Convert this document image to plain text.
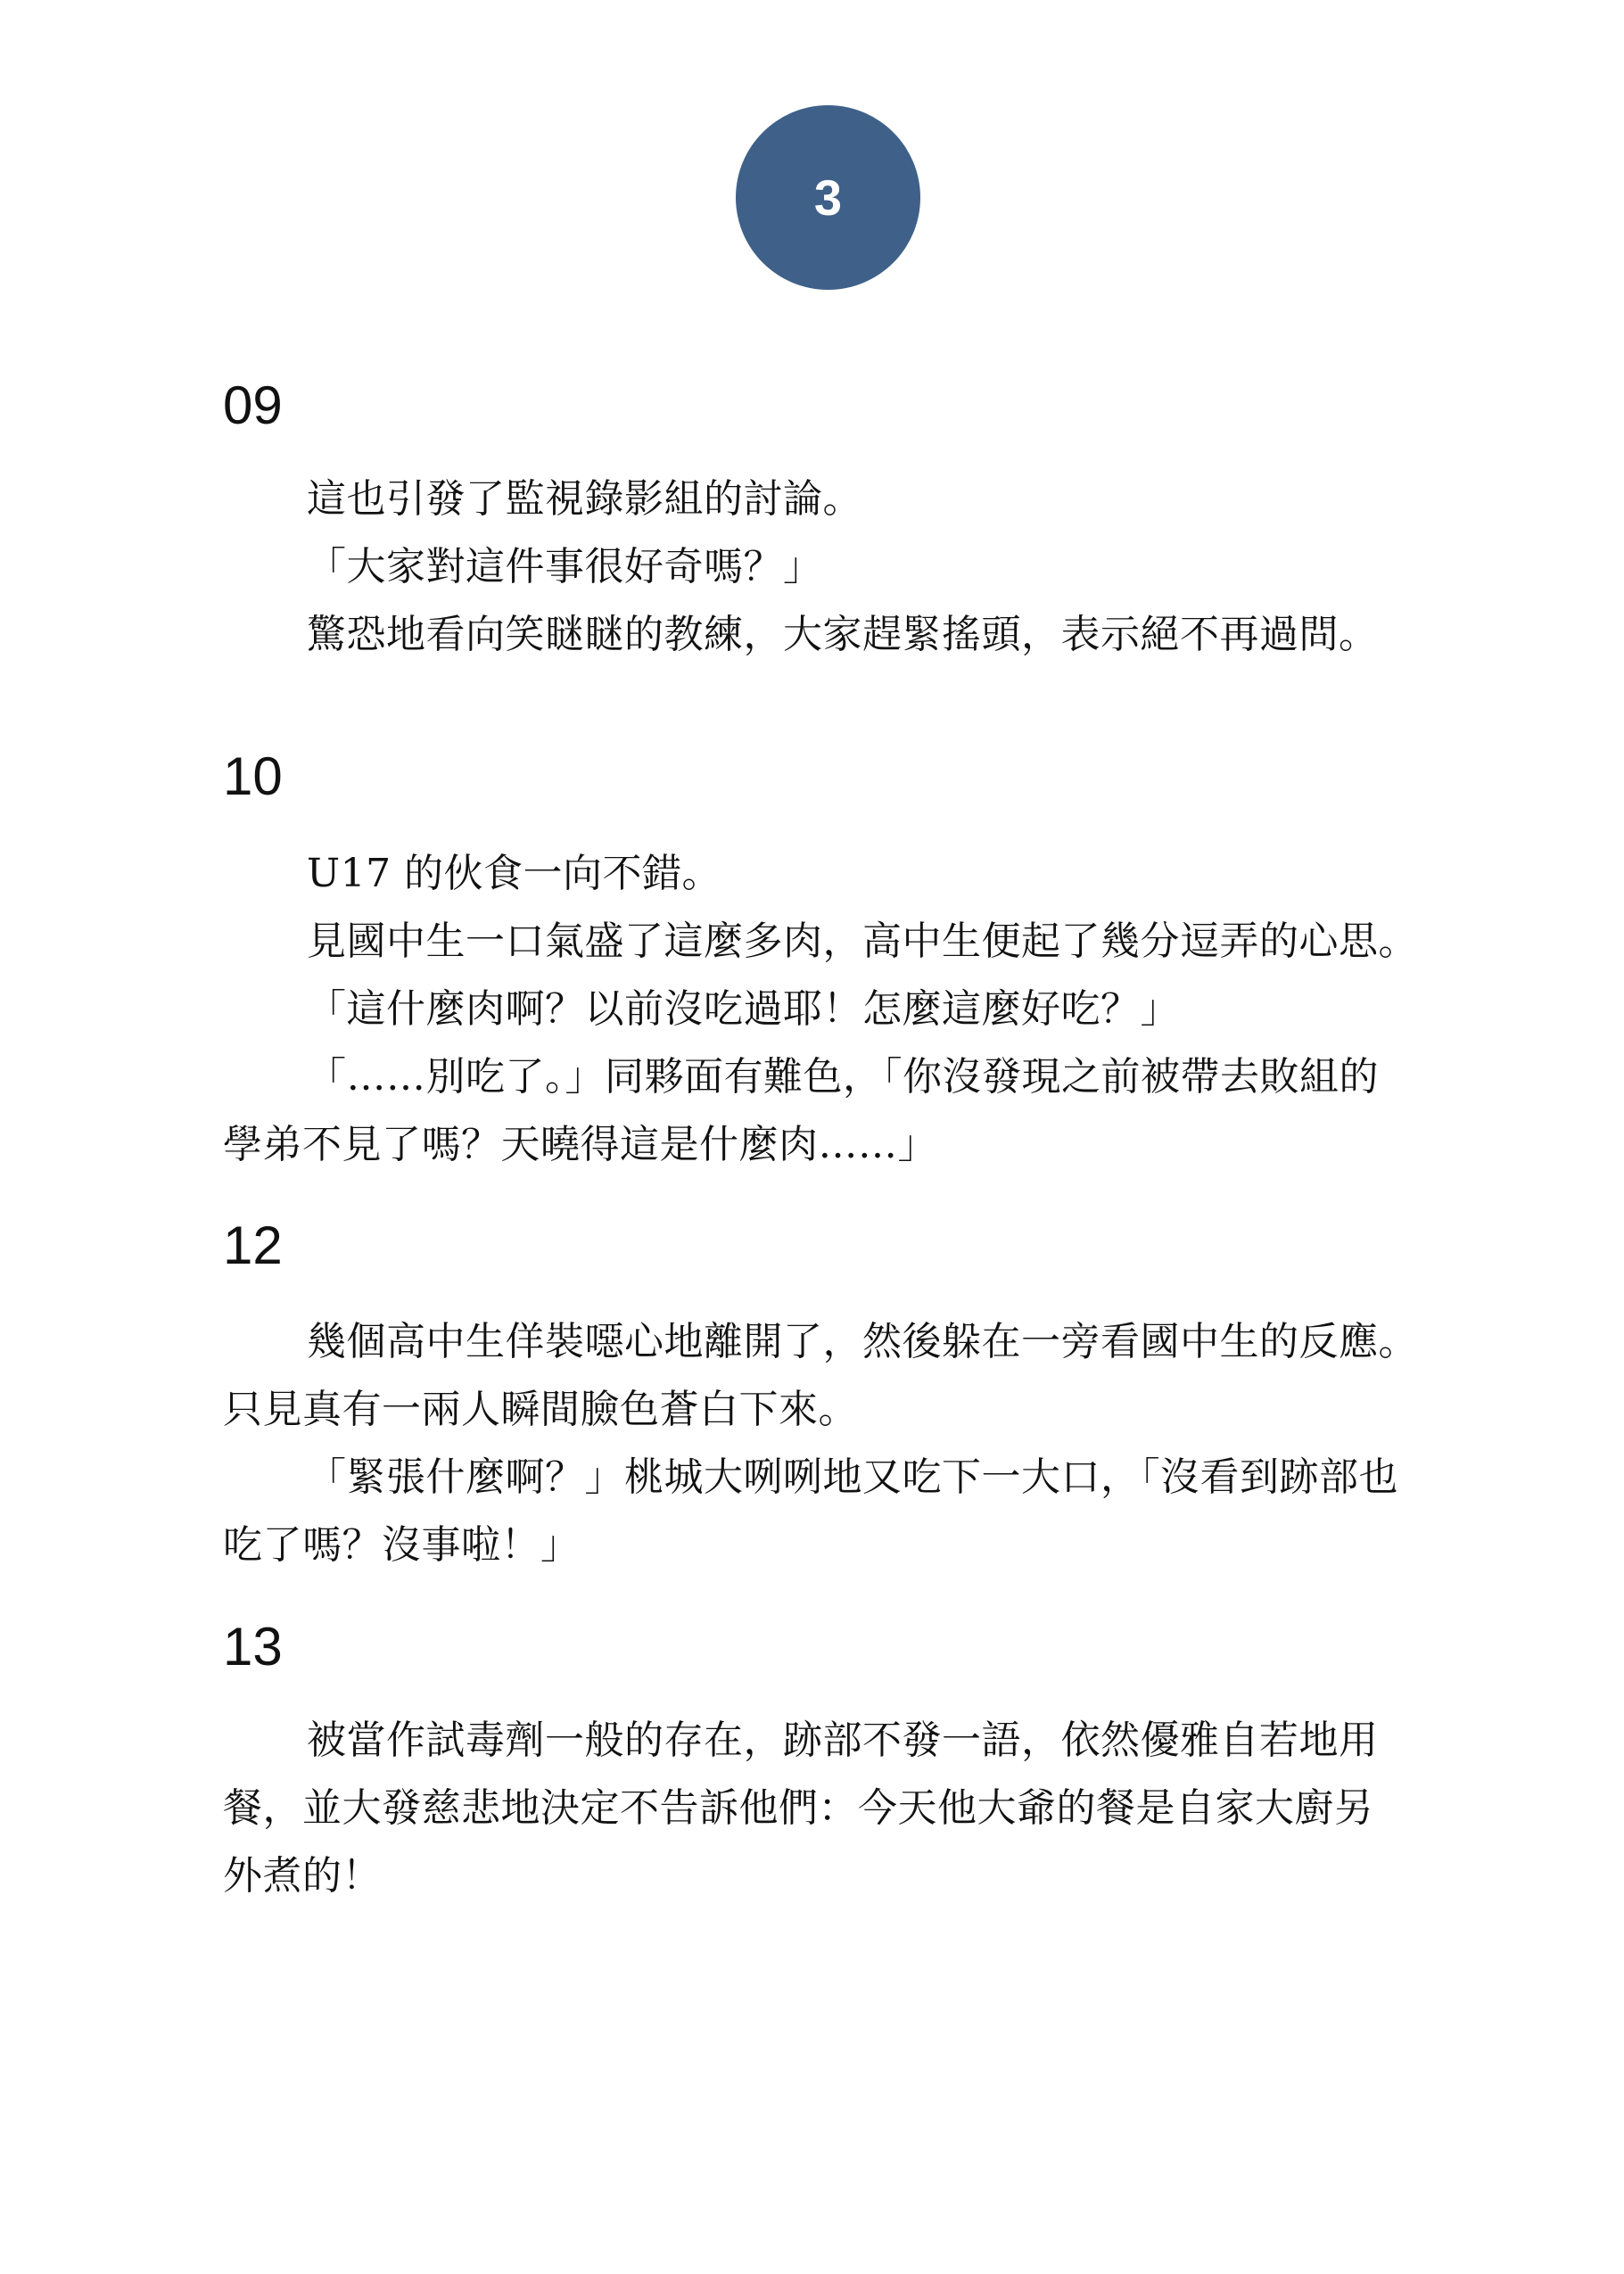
3
09

這也引發了監視錄影組的討論。

「大家對這件事很好奇嗎？」

驚恐地看向笑瞇瞇的教練，大家趕緊搖頭，表示絕不再過問。

10

U17 的伙食一向不錯。

見國中生一口氣盛了這麼多肉，高中生便起了幾分逗弄的心思。

「這什麼肉啊？以前沒吃過耶！怎麼這麼好吃？」

「……別吃了。」同夥面有難色，「你沒發現之前被帶去敗組的
學弟不見了嗎？天曉得這是什麼肉……」

12

幾個高中生佯裝噁心地離開了，然後躲在一旁看國中生的反應。
只見真有一兩人瞬間臉色蒼白下來。

「緊張什麼啊？」桃城大咧咧地又吃下一大口，「沒看到跡部也
吃了嗎？沒事啦！」

13

被當作試毒劑一般的存在，跡部不發一語，依然優雅自若地用
餐，並大發慈悲地決定不告訴他們：今天他大爺的餐是自家大廚另
外煮的！
